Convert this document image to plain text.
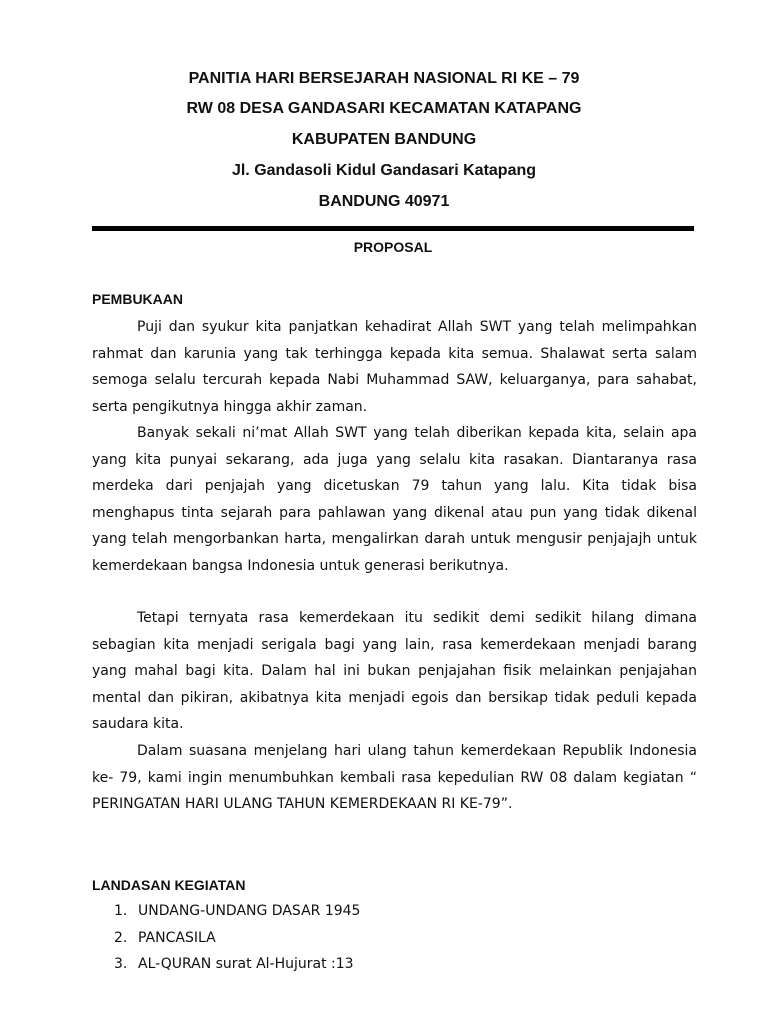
PANITIA HARI BERSEJARAH NASIONAL RI KE – 79
RW 08 DESA GANDASARI KECAMATAN KATAPANG
KABUPATEN BANDUNG
Jl. Gandasoli Kidul Gandasari Katapang
BANDUNG 40971
PROPOSAL
PEMBUKAAN

Puji dan syukur kita panjatkan kehadirat Allah SWT yang telah melimpahkan rahmat dan karunia yang tak terhingga kepada kita semua. Shalawat serta salam semoga selalu tercurah kepada Nabi Muhammad SAW, keluarganya, para sahabat, serta pengikutnya hingga akhir zaman.

Banyak sekali ni’mat Allah SWT yang telah diberikan kepada kita, selain apa yang kita punyai sekarang, ada juga yang selalu kita rasakan. Diantaranya rasa merdeka dari penjajah yang dicetuskan 79 tahun yang lalu. Kita tidak bisa menghapus tinta sejarah para pahlawan yang dikenal atau pun yang tidak dikenal yang telah mengorbankan harta, mengalirkan darah untuk mengusir penjajajh untuk kemerdekaan bangsa Indonesia untuk generasi berikutnya.

Tetapi ternyata rasa kemerdekaan itu sedikit demi sedikit hilang dimana sebagian kita menjadi serigala bagi yang lain, rasa kemerdekaan menjadi barang yang mahal bagi kita. Dalam hal ini bukan penjajahan fisik melainkan penjajahan mental dan pikiran, akibatnya kita menjadi egois dan bersikap tidak peduli kepada saudara kita.

Dalam suasana menjelang hari ulang tahun kemerdekaan Republik Indonesia ke- 79, kami ingin menumbuhkan kembali rasa kepedulian RW 08 dalam kegiatan “ PERINGATAN HARI ULANG TAHUN KEMERDEKAAN RI KE-79”.

LANDASAN KEGIATAN
1. UNDANG-UNDANG DASAR 1945
2. PANCASILA
3. AL-QURAN surat Al-Hujurat :13
